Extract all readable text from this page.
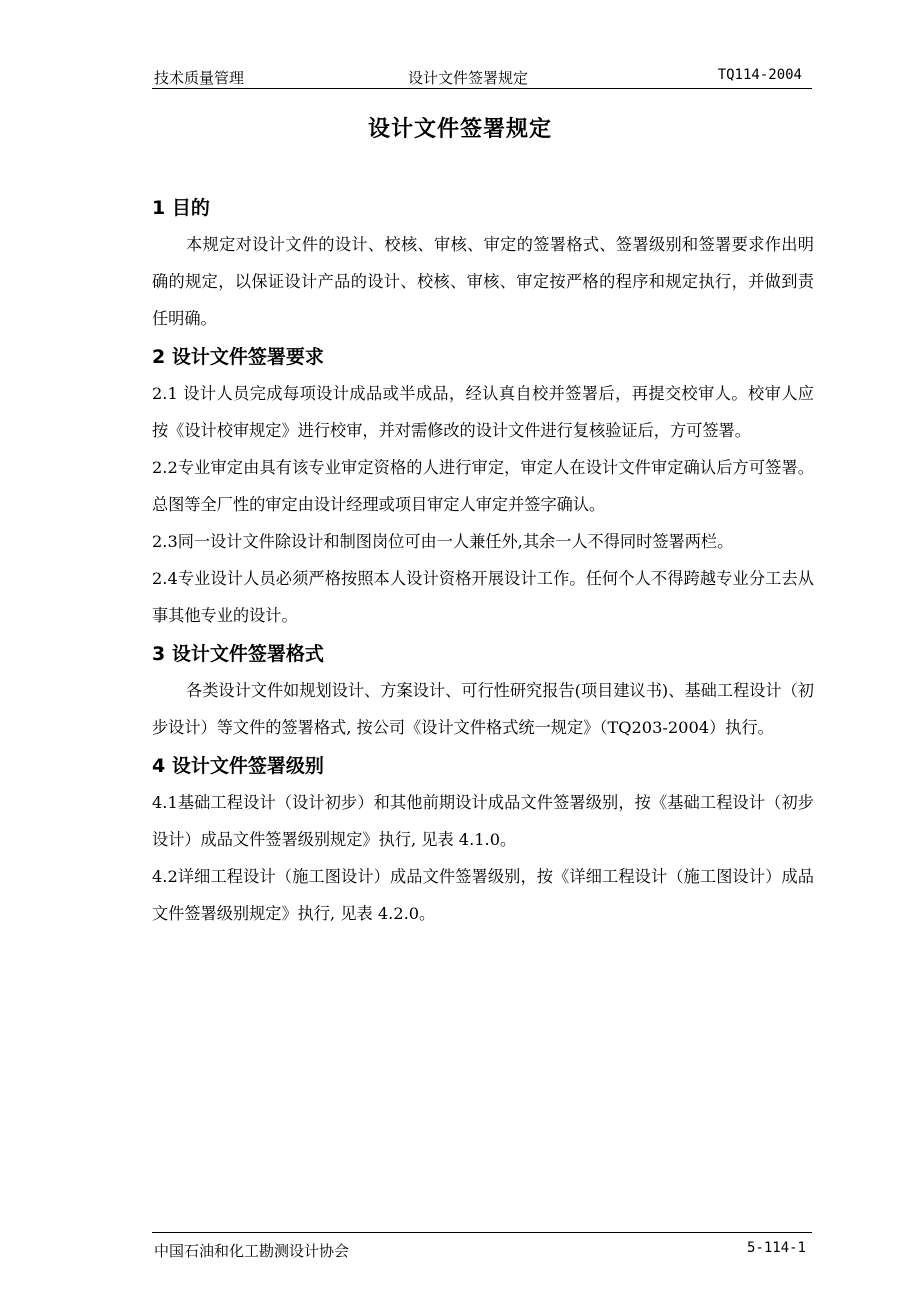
技术质量管理	设计文件签署规定	TQ114-2004
设计文件签署规定
1 目的

本规定对设计文件的设计、校核、审核、审定的签署格式、签署级别和签署要求作出明确的规定，以保证设计产品的设计、校核、审核、审定按严格的程序和规定执行，并做到责任明确。

2 设计文件签署要求

2.1 设计人员完成每项设计成品或半成品，经认真自校并签署后，再提交校审人。校审人应按《设计校审规定》进行校审，并对需修改的设计文件进行复核验证后，方可签署。

2.2专业审定由具有该专业审定资格的人进行审定，审定人在设计文件审定确认后方可签署。总图等全厂性的审定由设计经理或项目审定人审定并签字确认。

2.3同一设计文件除设计和制图岗位可由一人兼任外,其余一人不得同时签署两栏。

2.4专业设计人员必须严格按照本人设计资格开展设计工作。任何个人不得跨越专业分工去从事其他专业的设计。

3 设计文件签署格式

各类设计文件如规划设计、方案设计、可行性研究报告(项目建议书)、基础工程设计（初步设计）等文件的签署格式, 按公司《设计文件格式统一规定》（TQ203-2004）执行。

4 设计文件签署级别

4.1基础工程设计（设计初步）和其他前期设计成品文件签署级别，按《基础工程设计（初步设计）成品文件签署级别规定》执行, 见表 4.1.0。

4.2详细工程设计（施工图设计）成品文件签署级别，按《详细工程设计（施工图设计）成品文件签署级别规定》执行, 见表 4.2.0。

中国石油和化工勘测设计协会	5-114-1
